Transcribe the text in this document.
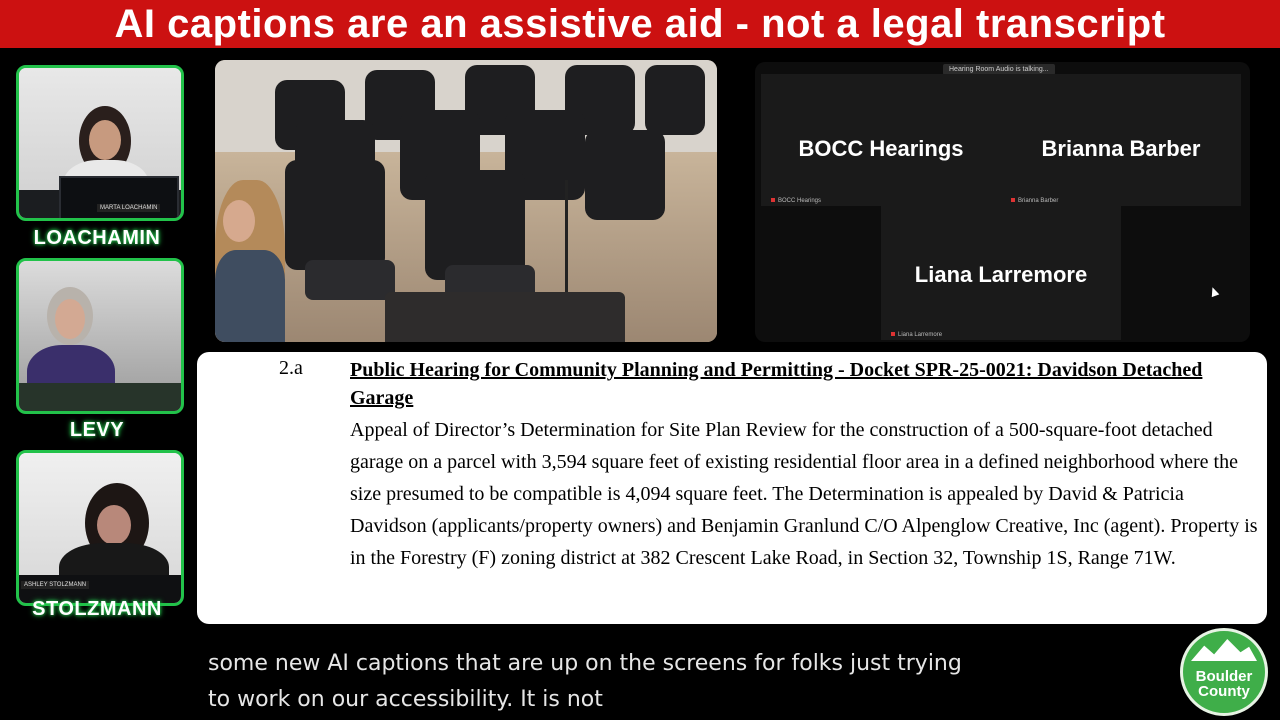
AI captions are an assistive aid - not a legal transcript
MARTA LOACHAMIN
LOACHAMIN
LEVY
ASHLEY STOLZMANN
STOLZMANN
Hearing Room Audio is talking...
BOCC Hearings
BOCC Hearings
Brianna Barber
Brianna Barber
Liana Larremore
Liana Larremore
2.a Public Hearing for Community Planning and Permitting - Docket SPR-25-0021: Davidson Detached Garage
Appeal of Director’s Determination for Site Plan Review for the construction of a 500-square-foot detached garage on a parcel with 3,594 square feet of existing residential floor area in a defined neighborhood where the size presumed to be compatible is 4,094 square feet. The Determination is appealed by David & Patricia Davidson (applicants/property owners) and Benjamin Granlund C/O Alpenglow Creative, Inc (agent). Property is in the Forestry (F) zoning district at 382 Crescent Lake Road, in Section 32, Township 1S, Range 71W.
some new AI captions that are up on the screens for folks just trying
to work on our accessibility. It is not
Boulder
County
